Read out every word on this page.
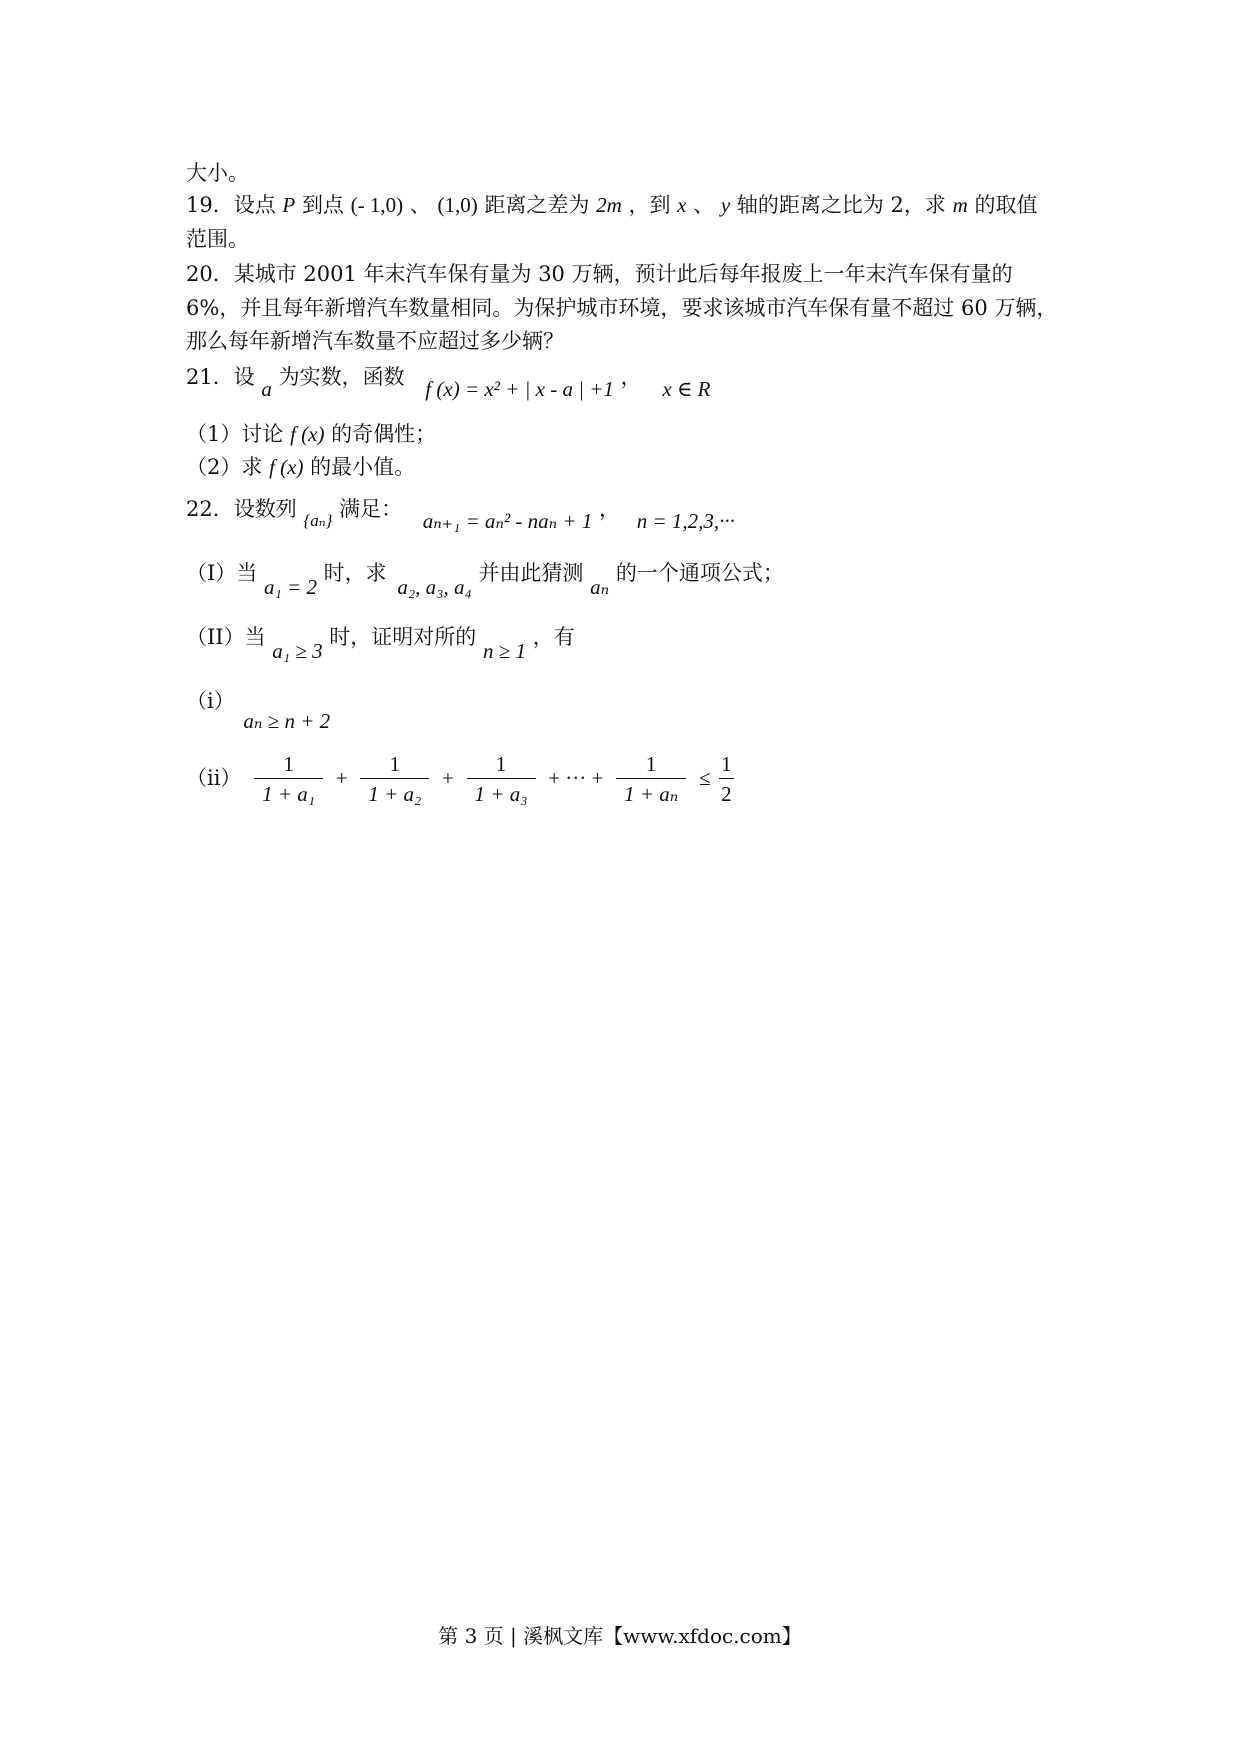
大小。
19．设点 P 到点 (- 1,0) 、 (1,0) 距离之差为 2m ，到 x 、 y 轴的距离之比为 2，求 m 的取值
范围。
20．某城市 2001 年末汽车保有量为 30 万辆，预计此后每年报废上一年末汽车保有量的
6%，并且每年新增汽车数量相同。为保护城市环境，要求该城市汽车保有量不超过 60 万辆，
那么每年新增汽车数量不应超过多少辆？
21．设 a 为实数，函数 f (x) = x² + | x - a | +1 ， x ∈ R
（1）讨论 f (x) 的奇偶性；
（2）求 f (x) 的最小值。
22．设数列 $_{\{a_n\}}$ 满足： aₙ₊₁ = aₙ² - naₙ + 1 ， n = 1,2,3,···
（I）当 a₁ = 2 时，求 a₂, a₃, a₄ 并由此猜测 aₙ 的一个通项公式；
（II）当 a₁ ≥ 3 时，证明对所的 n ≥ 1 ，有
（i） aₙ ≥ n + 2
$(ii) \frac{1}{\text{1 + a₁}} + \frac{1}{\text{1 + a₂}} + \frac{1}{\text{1 + a₃}}$ + ··· + $\frac{1}{\text{1 + aₙ}} \le \frac{1}{2}$
第 3 页 | 溪枫文库【www.xfdoc.com】
